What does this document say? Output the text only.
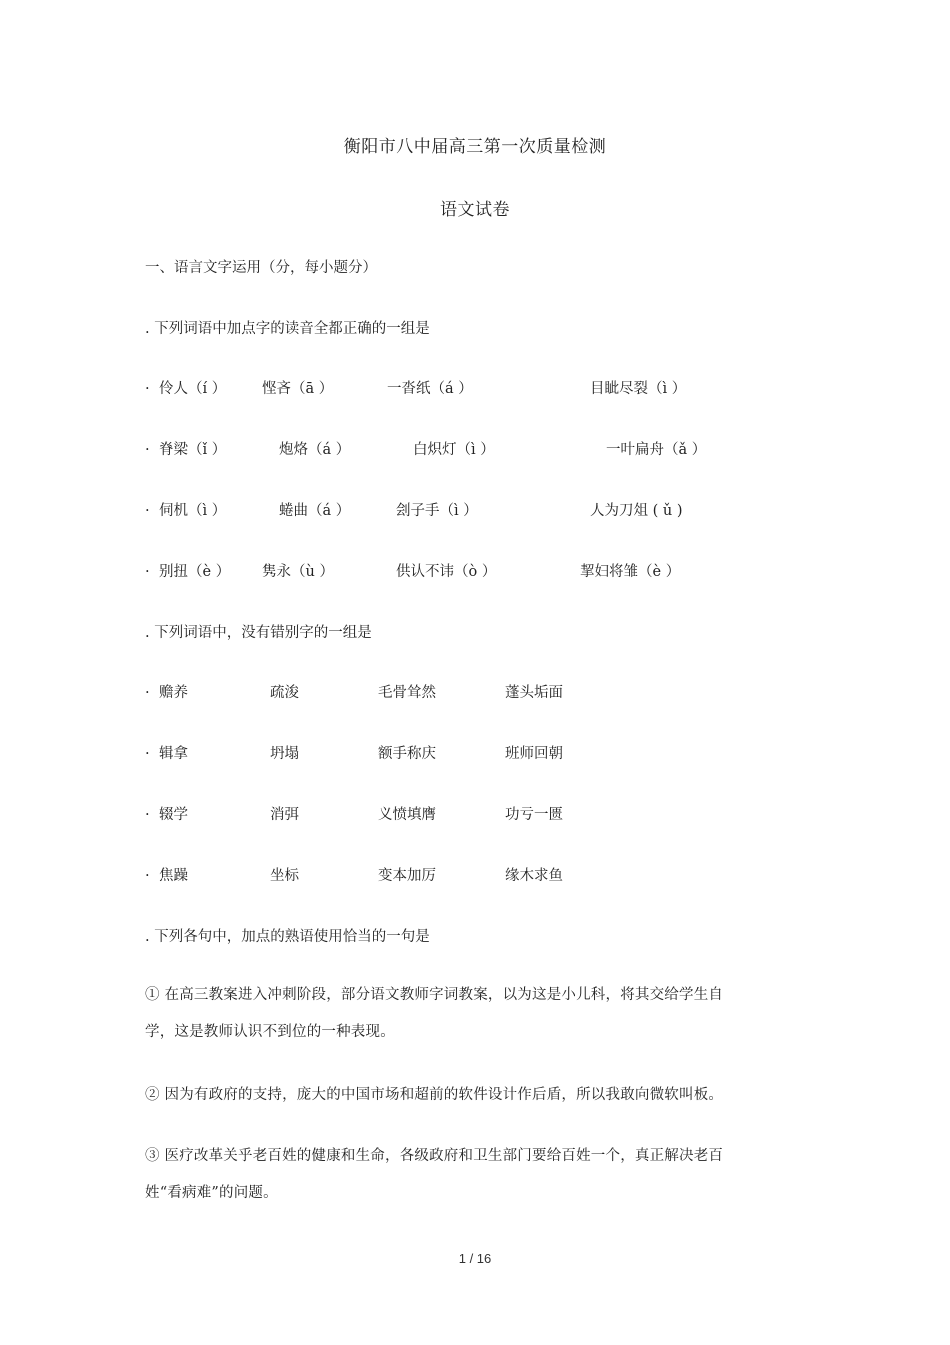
衡阳市八中届高三第一次质量检测
语文试卷
一、语言文字运用（分，每小题分）
. 下列词语中加点字的读音全都正确的一组是
. 伶人（í ） 悭吝（ā ）	一沓纸（á ）	目眦尽裂（ì ）
. 脊梁（ǐ ）	炮烙（á ）	白炽灯（ì ）	一叶扁舟（ǎ ）
. 伺机（ì ）	蜷曲（á ）	刽子手（ì ）	人为刀俎 ( ǔ )
. 别扭（è ） 隽永（ù ）	供认不讳（ò ）	挈妇将雏（è ）
. 下列词语中，没有错别字的一组是
. 赡养	疏浚	毛骨耸然	蓬头垢面
. 辑拿	坍塌	额手称庆	班师回朝
. 辍学	消弭	义愤填膺	功亏一匮
. 焦躁	坐标	变本加厉	缘木求鱼
. 下列各句中，加点的熟语使用恰当的一句是
① 在高三教案进入冲刺阶段，部分语文教师字词教案，以为这是小儿科，将其交给学生自学，这是教师认识不到位的一种表现。
② 因为有政府的支持，庞大的中国市场和超前的软件设计作后盾，所以我敢向微软叫板。
③ 医疗改革关乎老百姓的健康和生命，各级政府和卫生部门要给百姓一个，真正解决老百姓“看病难”的问题。
1 / 16
